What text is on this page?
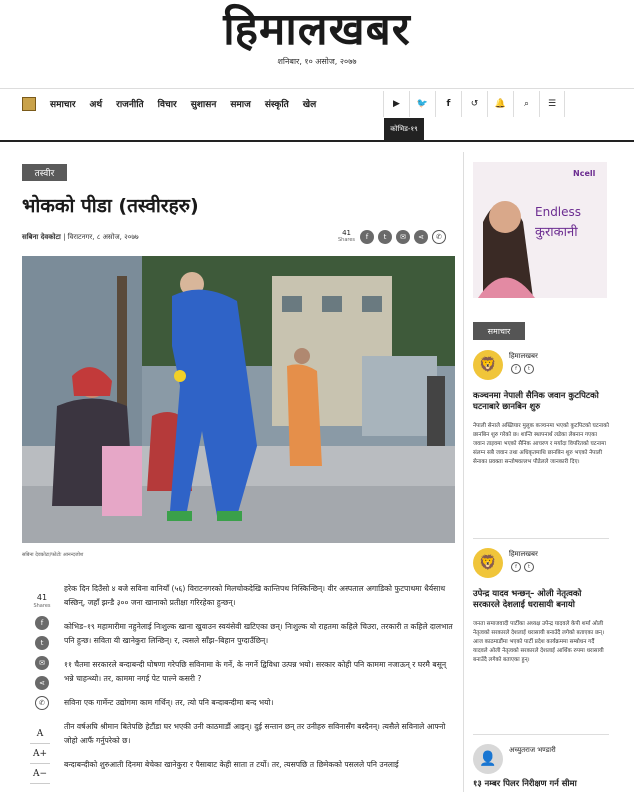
हिमालखबर
शनिबार, १० असोज, २०७७
समाचार अर्थ राजनीति विचार सुशासन समाज संस्कृति खेल	▶	🐦	f	↺	🔔	⌕	☰
कोभिड-१९
तस्वीर
भोकको पीडा (तस्वीरहरु)
सबिना देवकोटा | विराटनगर, ८ असोज, २०७७	41
Shares	f	t	✉	⋖	✆
सबिना देवकोटा/फोटोः आनन्दजोश
41
Shares
f
t
✉
⋖
✆
A
A+
A−

हरेक दिन दिउँसो ४ बजे सविना वानियाँ (५६) विराटनगरको मिलचोकदेखि कान्तिपथ निस्किन्छिन्। वीर अस्पताल अगाडिको फुटपाथमा धैर्यसाथ बस्छिन्, जहाँ झन्डै ३०० जना खानाको प्रतीक्षा गरिरहेका हुन्छन्।

कोभिड–१९ महामारीमा नहुनेलाई निःशुल्क खाना खुवाउन स्वयंसेवी खटिएका छन्। निःशुल्क यो राहतमा कहिले चिउरा, तरकारी त कहिले दालभात पनि हुन्छ। सविता यी खानेकुरा लिन्छिन्। र, त्यसले साँझ–बिहान पुग्दाउँछिन्।

११ चैतमा सरकारले बन्दाबन्दी घोषणा गरेपछि सविनामा के गर्ने, के नगर्ने द्विविधा उत्पन्न भयो। सरकार कोही पनि काममा नजाऊन् र घरमै बसून् भन्ने चाहन्थ्यो। तर, काममा नगई पेट पाल्ने कसरी ?

सविना एक गार्मेन्ट उद्योगमा काम गर्थिन्। तर, त्यो पनि बन्दाबन्दीमा बन्द भयो।

तीन वर्षअघि श्रीमान बितेपछि हेटौंडा घर भएकी उनी काठमाडौं आइन्। दुई सन्तान छन् तर उनीहरु सविनासँग बस्दैनन्। त्यसैले सविनाले आफ्नो जोहो आफैं गर्नुपरेको छ।

बन्दाबन्दीको शुरुआती दिनमा बेचेका खानेकुरा र पैसाबाट केही साता त टर्यो। तर, त्यसपछि त छिमेकको पसलले पनि उनलाई

Ncell
Endless
कुराकानी
समाचार
🦁
हिमालखबर
f	t
कञ्चनमा नेपाली सैनिक जवान कुटपिटको घटनाबारे छानबिन शुरु
नेपाली सेनाले अख्तियार मुलुक कञ्चनमा भएको कुटपिटको घटनाको छानबिन शुरु गरेको छ। शान्ति स्थापनार्थ लडेका लेबनान गएका जवान ताइवमा भएको सैनिक आचरण र मर्यादा विपरितको घटनामा संलग्न सबै जवान तथा अधिकृतमाथि छानबिन शुरु भएको नेपाली सेनाका प्रवक्ता सन्तोषवल्लभ पौडेलले जानकारी दिए।
🦁
हिमालखबर
f	t
उपेन्द्र यादव भन्छन्– ओली नेतृत्वको सरकारले देशलाई धरासायी बनायो
जनता समाजवादी पार्टीका अध्यक्ष उपेन्द्र यादवले केपी शर्मा ओली नेतृत्वको सरकारले देशलाई धरासायी बनाउँदै लगेको बताएका छन्। आज काठमाडौंमा भएको पार्टी प्रदेश कार्यक्रममा सम्बोधन गर्दै यादवले ओली नेतृत्वको सरकारले देशलाई आर्थिक रुपमा धरासायी बनाउँदै लगेको बताएका हुन्।
👤
अच्युतराज भण्डारी
१३ नम्बर पिलर निरीक्षण गर्न सीमा
